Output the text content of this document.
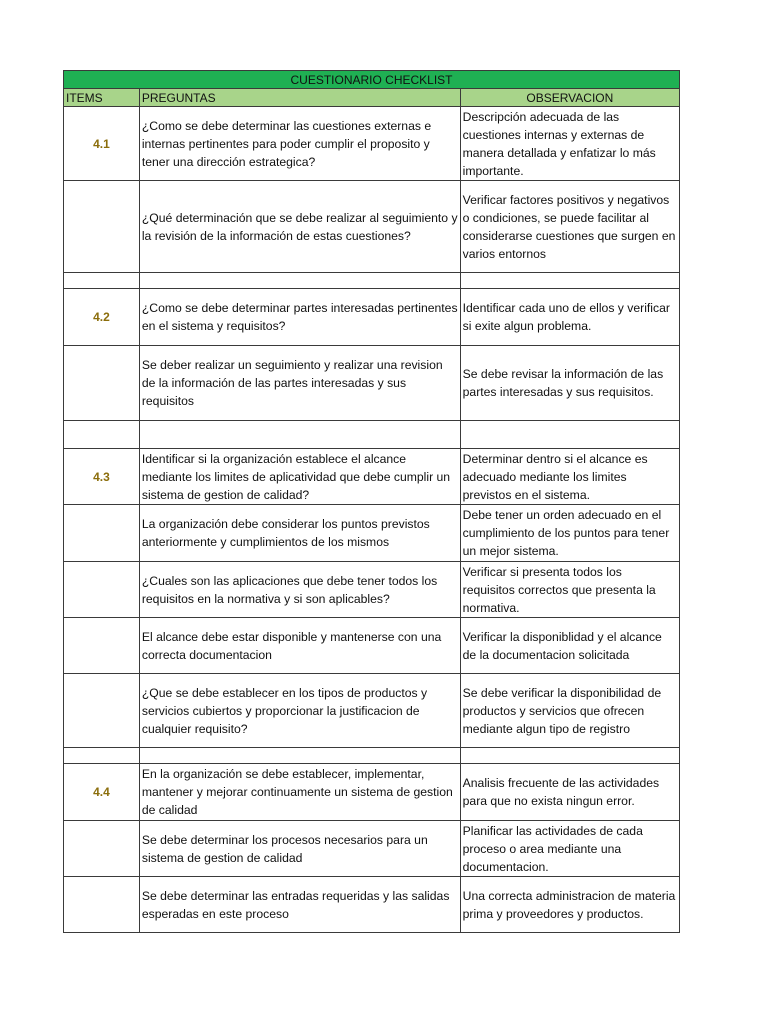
CUESTIONARIO CHECKLIST		
ITEMS	PREGUNTAS	OBSERVACION
4.1	¿Como se debe determinar las cuestiones externas e internas pertinentes para poder cumplir el proposito y tener una dirección estrategica?	Descripción adecuada de las cuestiones internas y externas de manera detallada y enfatizar lo más importante.
	¿Qué determinación que se debe realizar al seguimiento y la revisión de la información de estas cuestiones?	Verificar factores positivos y negativos o condiciones, se puede facilitar al considerarse cuestiones que surgen en varios entornos

4.2	¿Como se debe determinar partes interesadas pertinentes en el sistema y requisitos?	Identificar cada uno de ellos y verificar si exite algun problema.
	Se deber realizar un seguimiento y realizar una revision de la información de las partes interesadas y sus requisitos	Se debe revisar la información de las partes interesadas y sus requisitos.

4.3	Identificar si la organización establece el alcance mediante los limites de aplicatividad que debe cumplir un sistema de gestion de calidad?	Determinar dentro si el alcance es adecuado mediante los limites previstos en el sistema.
	La organización debe considerar los puntos previstos anteriormente y cumplimientos de los mismos	Debe tener un orden adecuado en el cumplimiento de los puntos para tener un mejor sistema.
	¿Cuales son las aplicaciones que debe tener todos los requisitos en la normativa y si son aplicables?	Verificar si presenta todos los requisitos correctos que presenta la normativa.
	El alcance debe estar disponible y mantenerse con una correcta documentacion	Verificar la disponiblidad y el alcance de la documentacion solicitada
	¿Que se debe establecer en los tipos de productos y servicios cubiertos y proporcionar la justificacion de cualquier requisito?	Se debe verificar la disponibilidad de productos y servicios que ofrecen mediante algun tipo de registro

4.4	En la organización se debe establecer, implementar, mantener y mejorar continuamente un sistema de gestion de calidad	Analisis frecuente de las actividades para que no exista ningun error.
	Se debe determinar los procesos necesarios para un sistema de gestion de calidad	Planificar las actividades de cada proceso o area mediante una documentacion.
	Se debe determinar las entradas requeridas y las salidas esperadas en este proceso	Una correcta administracion de materia prima y proveedores y productos.
